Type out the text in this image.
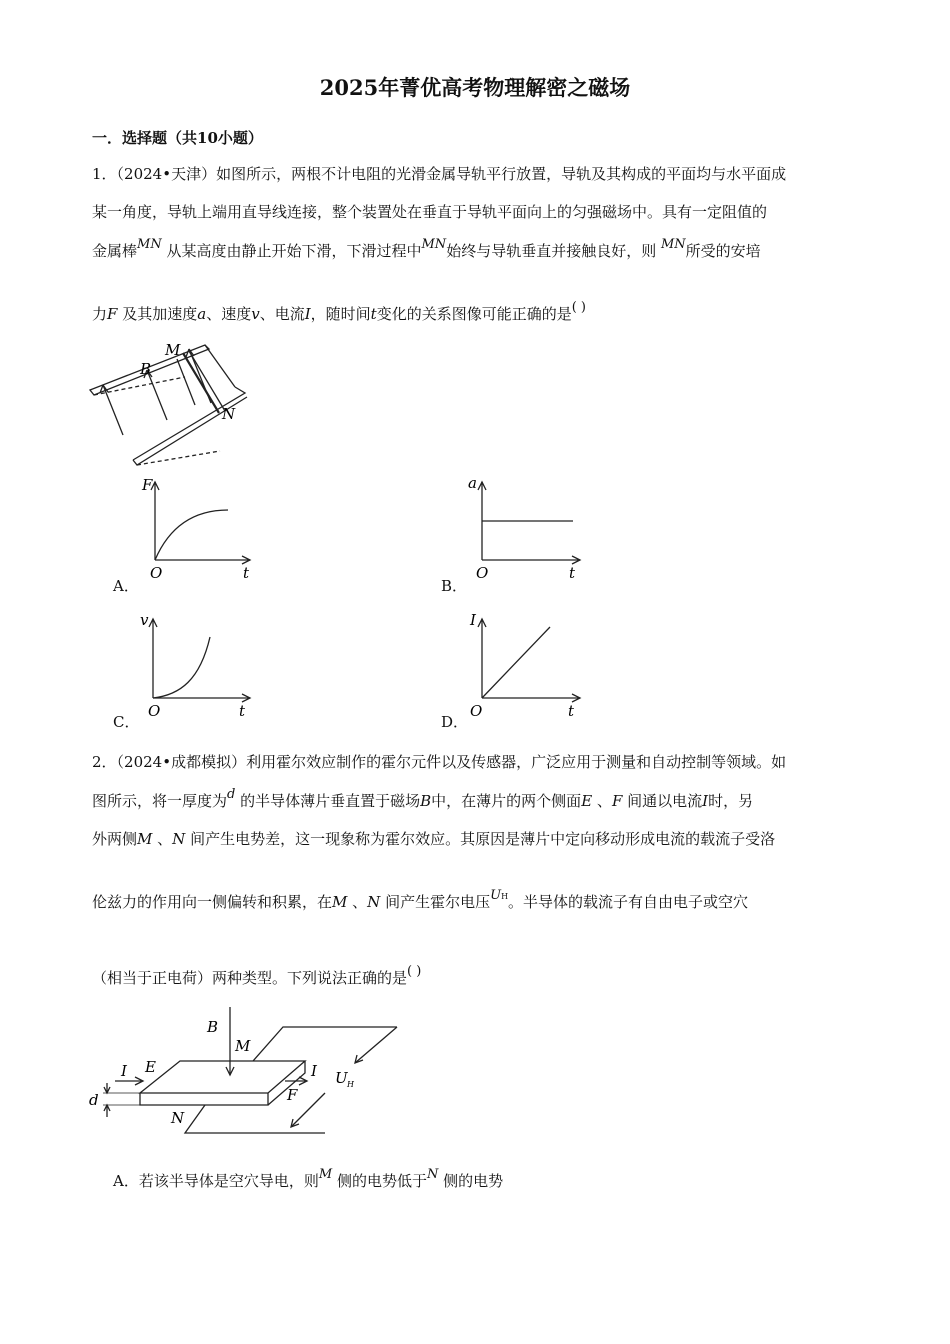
2025年菁优高考物理解密之磁场
一．选择题（共10小题）
1．（2024•天津）如图所示，两根不计电阻的光滑金属导轨平行放置，导轨及其构成的平面均与水平面成
某一角度，导轨上端用直导线连接，整个装置处在垂直于导轨平面向上的匀强磁场中。具有一定阻值的
金属棒MN 从某高度由静止开始下滑，下滑过程中MN始终与导轨垂直并接触良好，则 MN所受的安培
力F 及其加速度a、速度v、电流I，随时间t变化的关系图像可能正确的是( )
M
B
N
F
O	t
A．
a
O	t
B．
v
O	t
C．
I
O	t
D．
2．（2024•成都模拟）利用霍尔效应制作的霍尔元件以及传感器，广泛应用于测量和自动控制等领域。如
图所示，将一厚度为d 的半导体薄片垂直置于磁场B中，在薄片的两个侧面E 、F 间通以电流I时，另
外两侧M 、N 间产生电势差，这一现象称为霍尔效应。其原因是薄片中定向移动形成电流的载流子受洛
伦兹力的作用向一侧偏转和积累，在M 、N 间产生霍尔电压$U^H$。半导体的载流子有自由电子或空穴
（相当于正电荷）两种类型。下列说法正确的是( )
B
M
I E
d
I
F
N
U H
A．若该半导体是空穴导电，则M 侧的电势低于N 侧的电势
